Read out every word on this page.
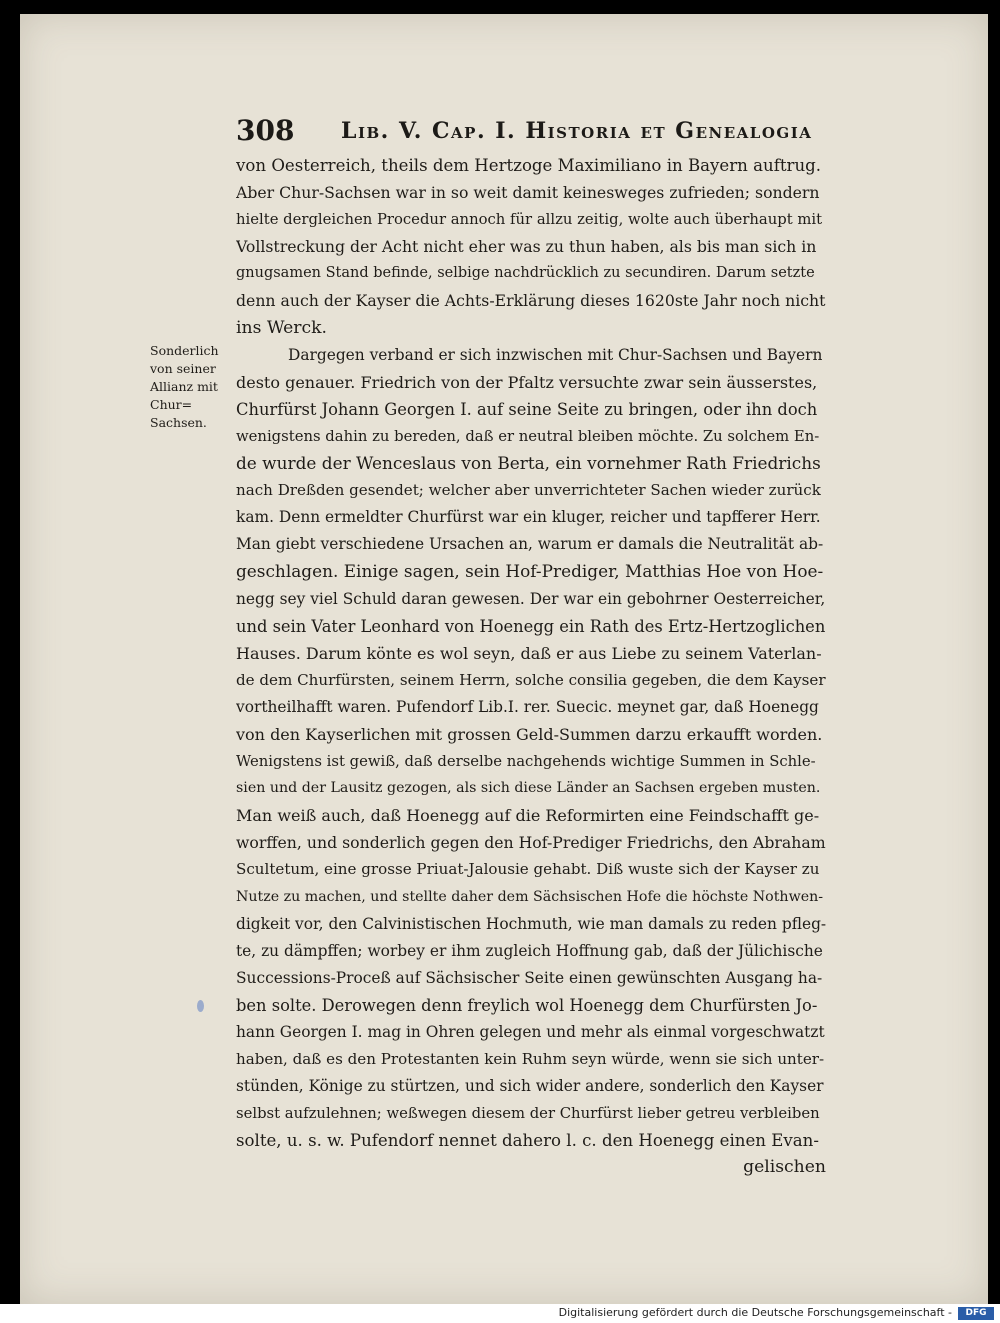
308 Lib. V. Cap. I. Historia et Genealogia
Sonderlich
von seiner
Allianz mit
Chur=
Sachsen.
von Oesterreich, theils dem Hertzoge Maximiliano in Bayern auftrug.
Aber Chur-Sachsen war in so weit damit keinesweges zufrieden; sondern
hielte dergleichen Procedur annoch für allzu zeitig, wolte auch überhaupt mit
Vollstreckung der Acht nicht eher was zu thun haben, als bis man sich in
gnugsamen Stand befinde, selbige nachdrücklich zu secundiren. Darum setzte
denn auch der Kayser die Achts-Erklärung dieses 1620ste Jahr noch nicht
ins Werck.
Dargegen verband er sich inzwischen mit Chur-Sachsen und Bayern
desto genauer. Friedrich von der Pfaltz versuchte zwar sein äusserstes,
Churfürst Johann Georgen I. auf seine Seite zu bringen, oder ihn doch
wenigstens dahin zu bereden, daß er neutral bleiben möchte. Zu solchem En-
de wurde der Wenceslaus von Berta, ein vornehmer Rath Friedrichs
nach Dreßden gesendet; welcher aber unverrichteter Sachen wieder zurück
kam. Denn ermeldter Churfürst war ein kluger, reicher und tapfferer Herr.
Man giebt verschiedene Ursachen an, warum er damals die Neutralität ab-
geschlagen. Einige sagen, sein Hof-Prediger, Matthias Hoe von Hoe-
negg sey viel Schuld daran gewesen. Der war ein gebohrner Oesterreicher,
und sein Vater Leonhard von Hoenegg ein Rath des Ertz-Hertzoglichen
Hauses. Darum könte es wol seyn, daß er aus Liebe zu seinem Vaterlan-
de dem Churfürsten, seinem Herrn, solche consilia gegeben, die dem Kayser
vortheilhafft waren. Pufendorf Lib.I. rer. Suecic. meynet gar, daß Hoenegg
von den Kayserlichen mit grossen Geld-Summen darzu erkaufft worden.
Wenigstens ist gewiß, daß derselbe nachgehends wichtige Summen in Schle-
sien und der Lausitz gezogen, als sich diese Länder an Sachsen ergeben musten.
Man weiß auch, daß Hoenegg auf die Reformirten eine Feindschafft ge-
worffen, und sonderlich gegen den Hof-Prediger Friedrichs, den Abraham
Scultetum, eine grosse Priuat-Jalousie gehabt. Diß wuste sich der Kayser zu
Nutze zu machen, und stellte daher dem Sächsischen Hofe die höchste Nothwen-
digkeit vor, den Calvinistischen Hochmuth, wie man damals zu reden pfleg-
te, zu dämpffen; worbey er ihm zugleich Hoffnung gab, daß der Jülichische
Successions-Proceß auf Sächsischer Seite einen gewünschten Ausgang ha-
ben solte. Derowegen denn freylich wol Hoenegg dem Churfürsten Jo-
hann Georgen I. mag in Ohren gelegen und mehr als einmal vorgeschwatzt
haben, daß es den Protestanten kein Ruhm seyn würde, wenn sie sich unter-
stünden, Könige zu stürtzen, und sich wider andere, sonderlich den Kayser
selbst aufzulehnen; weßwegen diesem der Churfürst lieber getreu verbleiben
solte, u. s. w. Pufendorf nennet dahero l. c. den Hoenegg einen Evan-
gelischen
Digitalisierung gefördert durch die Deutsche Forschungsgemeinschaft -	DFG
